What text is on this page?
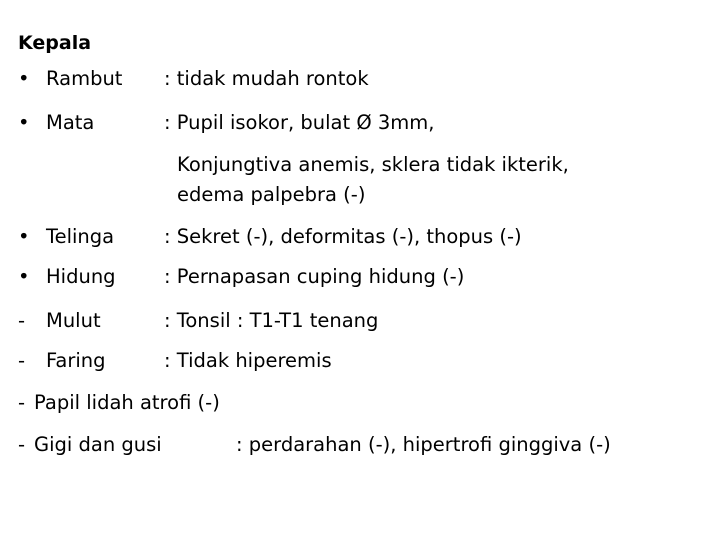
Kepala
• Rambut : tidak mudah rontok
• Mata	: Pupil isokor, bulat Ø 3mm,
Konjungtiva anemis, sklera tidak ikterik,
edema palpebra (-)
• Telinga	: Sekret (-), deformitas (-), thopus (-)
• Hidung : Pernapasan cuping hidung (-)
- Mulut	: Tonsil : T1-T1 tenang
- Faring	: Tidak hiperemis
- Papil lidah atrofi (-)
- Gigi dan gusi	: perdarahan (-), hipertrofi ginggiva (-)
